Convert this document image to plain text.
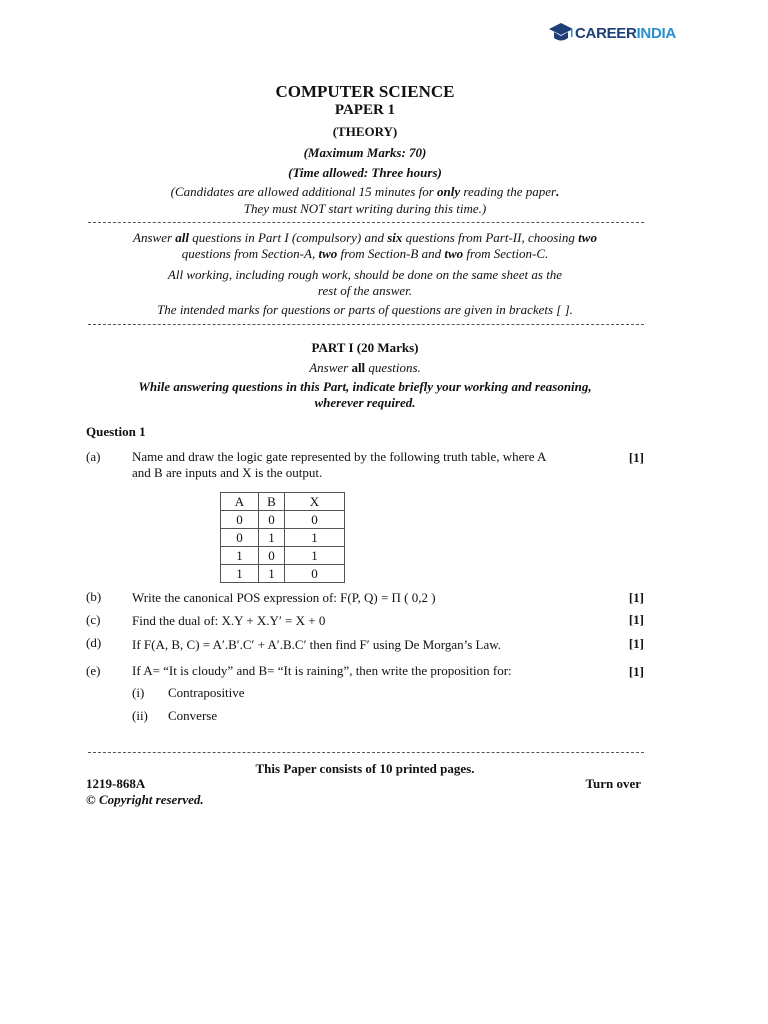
CAREERINDIA
COMPUTER SCIENCE
PAPER 1
(THEORY)
(Maximum Marks: 70)
(Time allowed: Three hours)
(Candidates are allowed additional 15 minutes for only reading the paper.
They must NOT start writing during this time.)
Answer all questions in Part I (compulsory) and six questions from Part-II, choosing two
questions from Section-A, two from Section-B and two from Section-C.
All working, including rough work, should be done on the same sheet as the
rest of the answer.
The intended marks for questions or parts of questions are given in brackets [ ].
PART I (20 Marks)
Answer all questions.
While answering questions in this Part, indicate briefly your working and reasoning,
wherever required.
Question 1
(a) Name and draw the logic gate represented by the following truth table, where A
and B are inputs and X is the output.
[1]
A	B	X
0	0	0
0	1	1
1	0	1
1	1	0
(b) Write the canonical POS expression of: F(P, Q) = Π ( 0,2 )	[1]
(c) Find the dual of: X.Y + X.Y′ = X + 0	[1]
(d) If F(A, B, C) = A′.B′.C′ + A′.B.C′ then find F′ using De Morgan’s Law.	[1]
(e) If A= “It is cloudy” and B= “It is raining”, then write the proposition for:	[1]
(i) Contrapositive
(ii) Converse
This Paper consists of 10 printed pages.
1219-868A	Turn over
© Copyright reserved.
